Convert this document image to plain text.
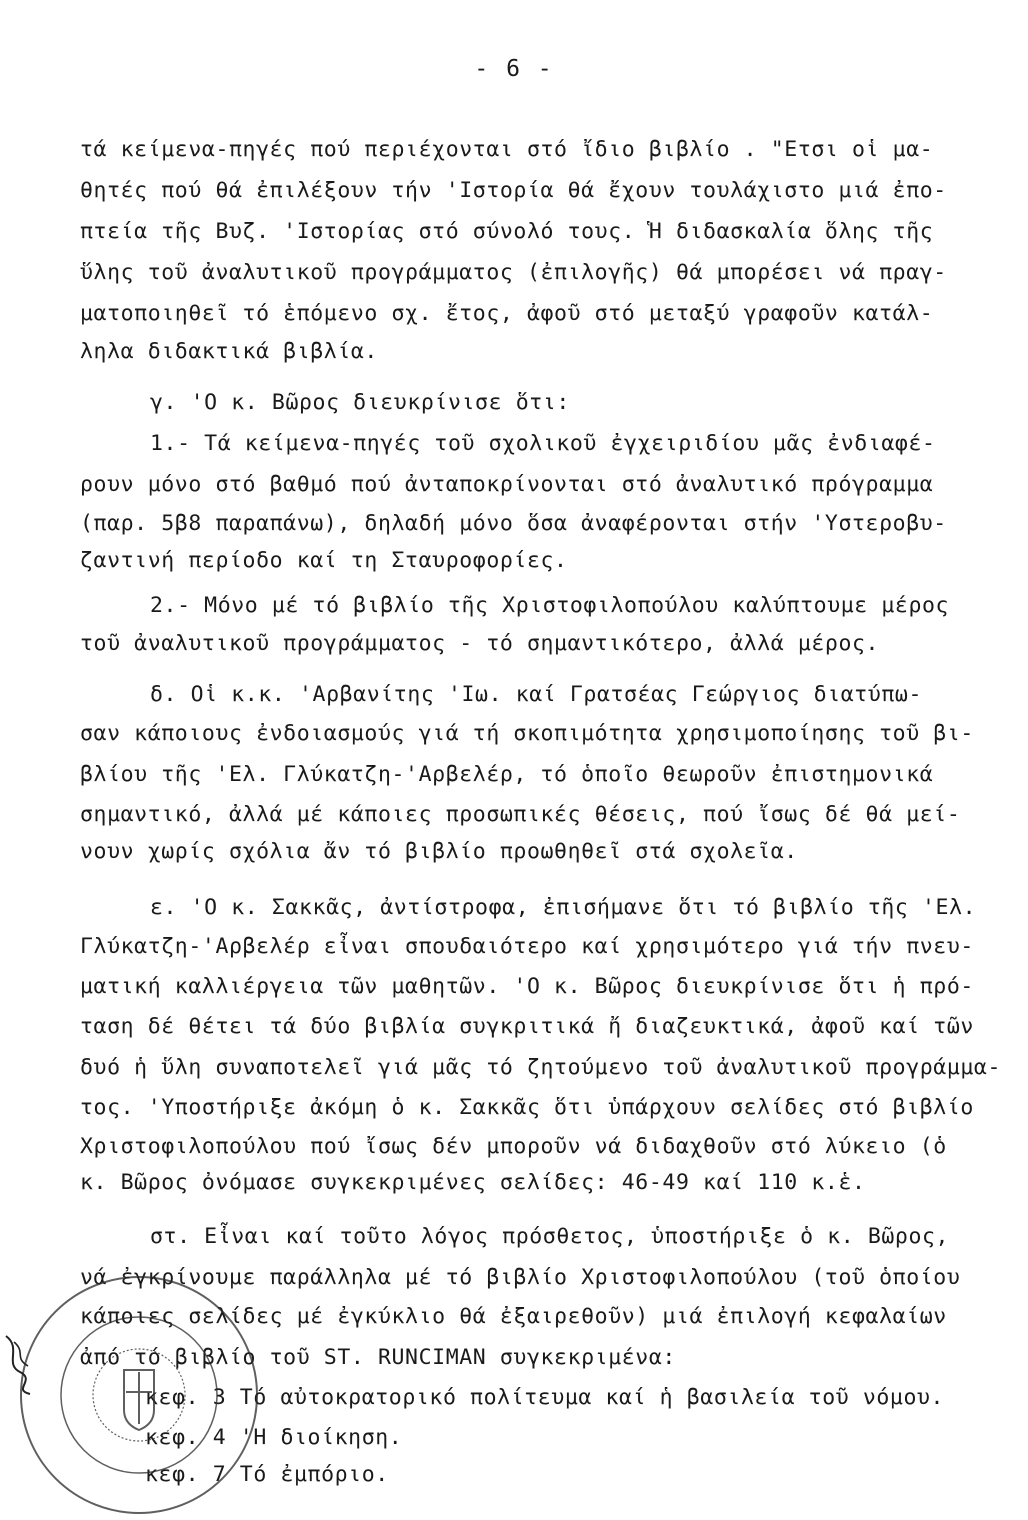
- 6 -
τά κείμενα-πηγές πού περιέχονται στό ἴδιο βιβλίο . "Ετσι οἱ μα-
θητές πού θά ἐπιλέξουν τήν 'Ιστορία θά ἔχουν τουλάχιστο μιά ἐπο-
πτεία τῆς Βυζ. 'Ιστορίας στό σύνολό τους. Ἡ διδασκαλία ὅλης τῆς
ὕλης τοῦ ἀναλυτικοῦ προγράμματος (ἐπιλογῆς) θά μπορέσει νά πραγ-
ματοποιηθεῖ τό ἑπόμενο σχ. ἔτος, ἀφοῦ στό μεταξύ γραφοῦν κατάλ-
ληλα διδακτικά βιβλία.
γ. 'Ο κ. Βῶρος διευκρίνισε ὅτι:
1.- Τά κείμενα-πηγές τοῦ σχολικοῦ ἐγχειριδίου μᾶς ἐνδιαφέ-
ρουν μόνο στό βαθμό πού ἀνταποκρίνονται στό ἀναλυτικό πρόγραμμα
(παρ. 5β8 παραπάνω), δηλαδή μόνο ὅσα ἀναφέρονται στήν 'Υστεροβυ-
ζαντινή περίοδο καί τη Σταυροφορίες.
2.- Μόνο μέ τό βιβλίο τῆς Χριστοφιλοπούλου καλύπτουμε μέρος
τοῦ ἀναλυτικοῦ προγράμματος - τό σημαντικότερο, ἀλλά μέρος.
δ. Οἱ κ.κ. 'Αρβανίτης 'Ιω. καί Γρατσέας Γεώργιος διατύπω-
σαν κάποιους ἐνδοιασμούς γιά τή σκοπιμότητα χρησιμοποίησης τοῦ βι-
βλίου τῆς 'Ελ. Γλύκατζη-'Αρβελέρ, τό ὁποῖο θεωροῦν ἐπιστημονικά
σημαντικό, ἀλλά μέ κάποιες προσωπικές θέσεις, πού ἴσως δέ θά μεί-
νουν χωρίς σχόλια ἄν τό βιβλίο προωθηθεῖ στά σχολεῖα.
ε. 'Ο κ. Σακκᾶς, ἀντίστροφα, ἐπισήμανε ὅτι τό βιβλίο τῆς 'Ελ.
Γλύκατζη-'Αρβελέρ εἶναι σπουδαιότερο καί χρησιμότερο γιά τήν πνευ-
ματική καλλιέργεια τῶν μαθητῶν. 'Ο κ. Βῶρος διευκρίνισε ὅτι ἡ πρό-
ταση δέ θέτει τά δύο βιβλία συγκριτικά ἤ διαζευκτικά, ἀφοῦ καί τῶν
δυό ἡ ὕλη συναποτελεῖ γιά μᾶς τό ζητούμενο τοῦ ἀναλυτικοῦ προγράμμα-
τος. 'Υποστήριξε ἀκόμη ὁ κ. Σακκᾶς ὅτι ὑπάρχουν σελίδες στό βιβλίο
Χριστοφιλοπούλου πού ἴσως δέν μποροῦν νά διδαχθοῦν στό λύκειο (ὁ
κ. Βῶρος ὀνόμασε συγκεκριμένες σελίδες: 46-49 καί 110 κ.ἑ.
στ. Εἶναι καί τοῦτο λόγος πρόσθετος, ὑποστήριξε ὁ κ. Βῶρος,
νά ἐγκρίνουμε παράλληλα μέ τό βιβλίο Χριστοφιλοπούλου (τοῦ ὁποίου
κάποιες σελίδες μέ ἐγκύκλιο θά ἐξαιρεθοῦν) μιά ἐπιλογή κεφαλαίων
ἀπό τό βιβλίο τοῦ ST. RUNCIMAN συγκεκριμένα:
κεφ. 3 Τό αὐτοκρατορικό πολίτευμα καί ἡ βασιλεία τοῦ νόμου.
κεφ. 4 'Η διοίκηση.
κεφ. 7 Τό ἐμπόριο.
